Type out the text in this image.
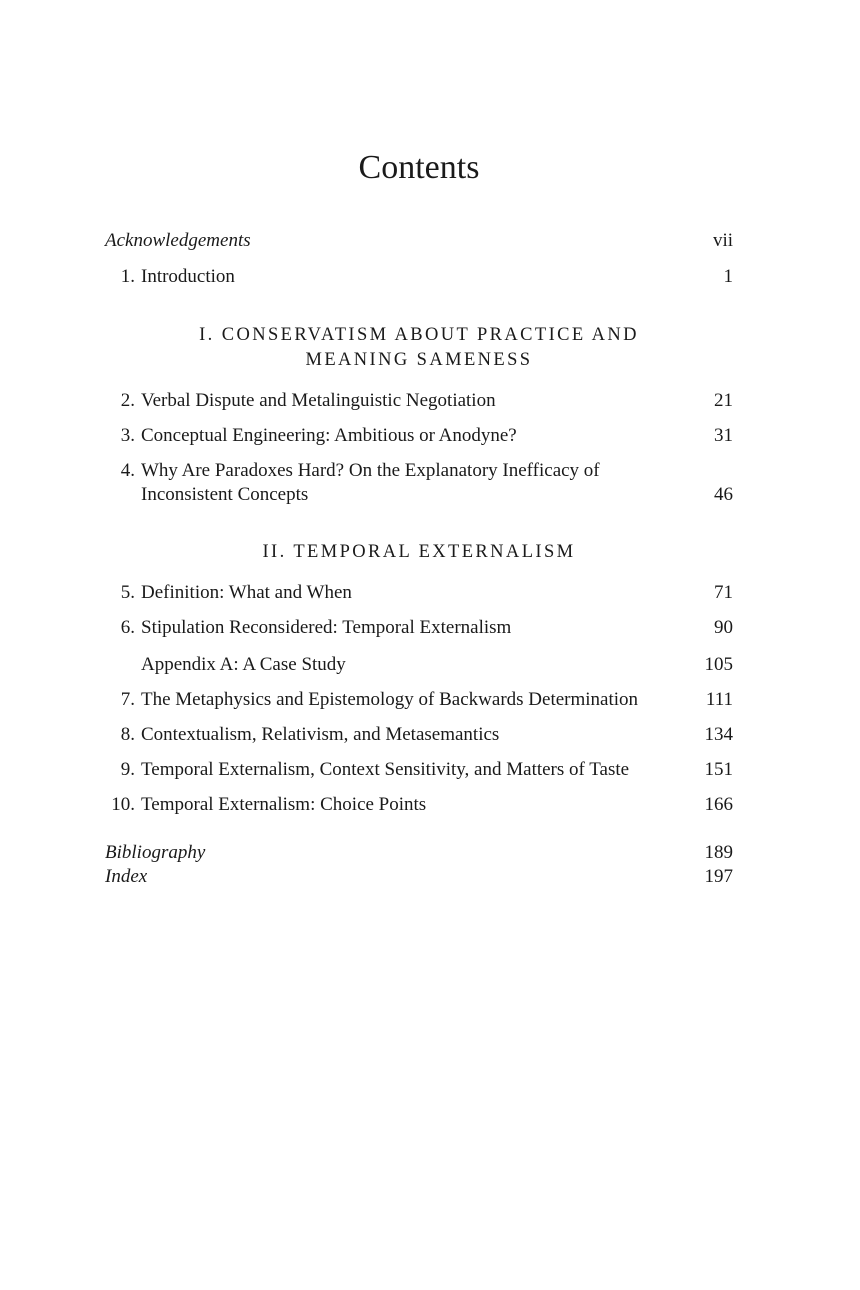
Contents
Acknowledgements	vii
1. Introduction	1
I. CONSERVATISM ABOUT PRACTICE AND
MEANING SAMENESS
2. Verbal Dispute and Metalinguistic Negotiation	21
3. Conceptual Engineering: Ambitious or Anodyne?	31
4. Why Are Paradoxes Hard? On the Explanatory Inefficacy of Inconsistent Concepts	46
II. TEMPORAL EXTERNALISM
5. Definition: What and When	71
6. Stipulation Reconsidered: Temporal Externalism	90
Appendix A: A Case Study	105
7. The Metaphysics and Epistemology of Backwards Determination	111
8. Contextualism, Relativism, and Metasemantics	134
9. Temporal Externalism, Context Sensitivity, and Matters of Taste	151
10. Temporal Externalism: Choice Points	166
Bibliography	189
Index	197
